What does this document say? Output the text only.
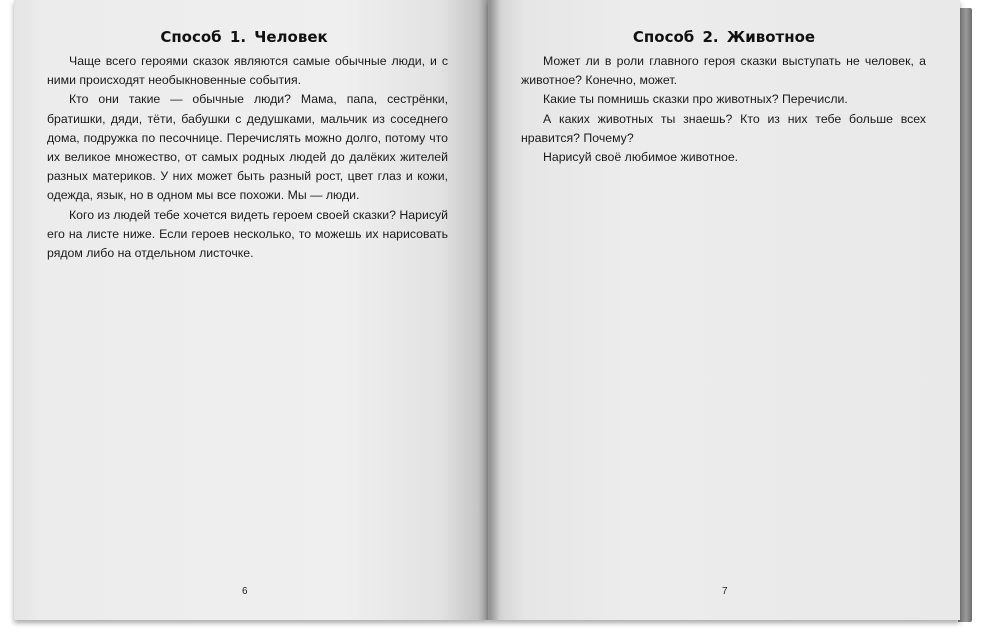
Способ 1. Человек

Чаще всего героями сказок являются самые обычные люди, и с ними происходят необыкновенные события.

Кто они такие — обычные люди? Мама, папа, сестрёнки, братишки, дяди, тёти, бабушки с дедушками, мальчик из соседнего дома, подружка по песочнице. Перечислять можно долго, потому что их великое множество, от самых родных людей до далёких жителей разных материков. У них может быть разный рост, цвет глаз и кожи, одежда, язык, но в одном мы все похожи. Мы — люди.

Кого из людей тебе хочется видеть героем своей сказки? Нарисуй его на листе ниже. Если героев несколько, то можешь их нарисовать рядом либо на отдельном листочке.

6

Способ 2. Животное

Может ли в роли главного героя сказки выступать не человек, а животное? Конечно, может.

Какие ты помнишь сказки про животных? Перечисли.

А каких животных ты знаешь? Кто из них тебе больше всех нравится? Почему?

Нарисуй своё любимое животное.

7
